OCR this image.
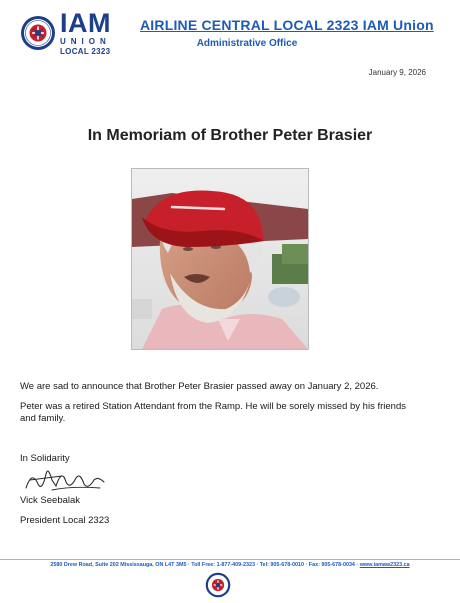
IAM
UNION
LOCAL 2323
AIRLINE CENTRAL LOCAL 2323 IAM Union
Administrative Office
January 9, 2026
In Memoriam of Brother Peter Brasier
We are sad to announce that Brother Peter Brasier passed away on January 2, 2026.
Peter was a retired Station Attendant from the Ramp. He will be sorely missed by his friends and family.
In Solidarity
Vick Seebalak
President Local 2323
2580 Drew Road, Suite 202 Mississauga, ON L4T 3M5 · Toll Free: 1-877-409-2323 · Tel: 905-678-0010 · Fax: 905-678-0034 · www.iamaw2323.ca
